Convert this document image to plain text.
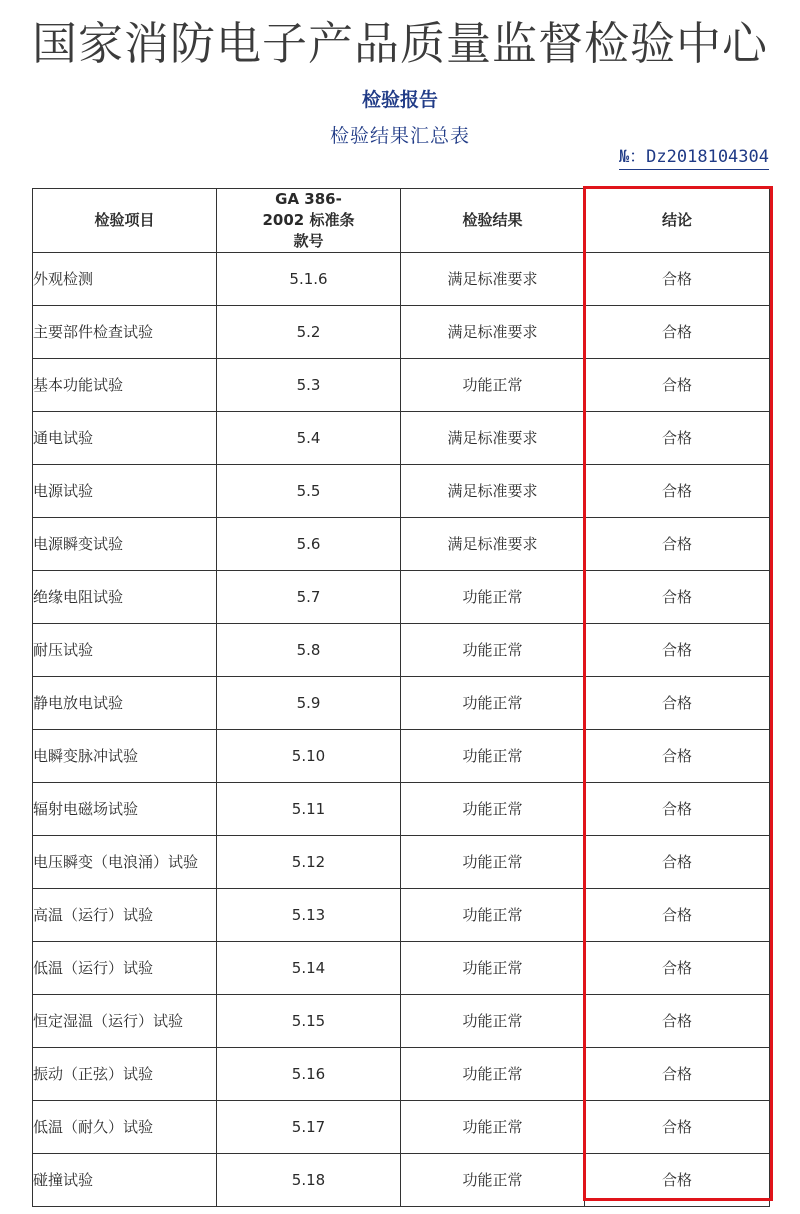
国家消防电子产品质量监督检验中心
检验报告
检验结果汇总表
№：Dz2018104304
检验项目	GA 386-2002 标准条款号	检验结果	结论
外观检测	5.1.6	满足标准要求	合格
主要部件检查试验	5.2	满足标准要求	合格
基本功能试验	5.3	功能正常	合格
通电试验	5.4	满足标准要求	合格
电源试验	5.5	满足标准要求	合格
电源瞬变试验	5.6	满足标准要求	合格
绝缘电阻试验	5.7	功能正常	合格
耐压试验	5.8	功能正常	合格
静电放电试验	5.9	功能正常	合格
电瞬变脉冲试验	5.10	功能正常	合格
辐射电磁场试验	5.11	功能正常	合格
电压瞬变（电浪涌）试验	5.12	功能正常	合格
高温（运行）试验	5.13	功能正常	合格
低温（运行）试验	5.14	功能正常	合格
恒定湿温（运行）试验	5.15	功能正常	合格
振动（正弦）试验	5.16	功能正常	合格
低温（耐久）试验	5.17	功能正常	合格
碰撞试验	5.18	功能正常	合格
